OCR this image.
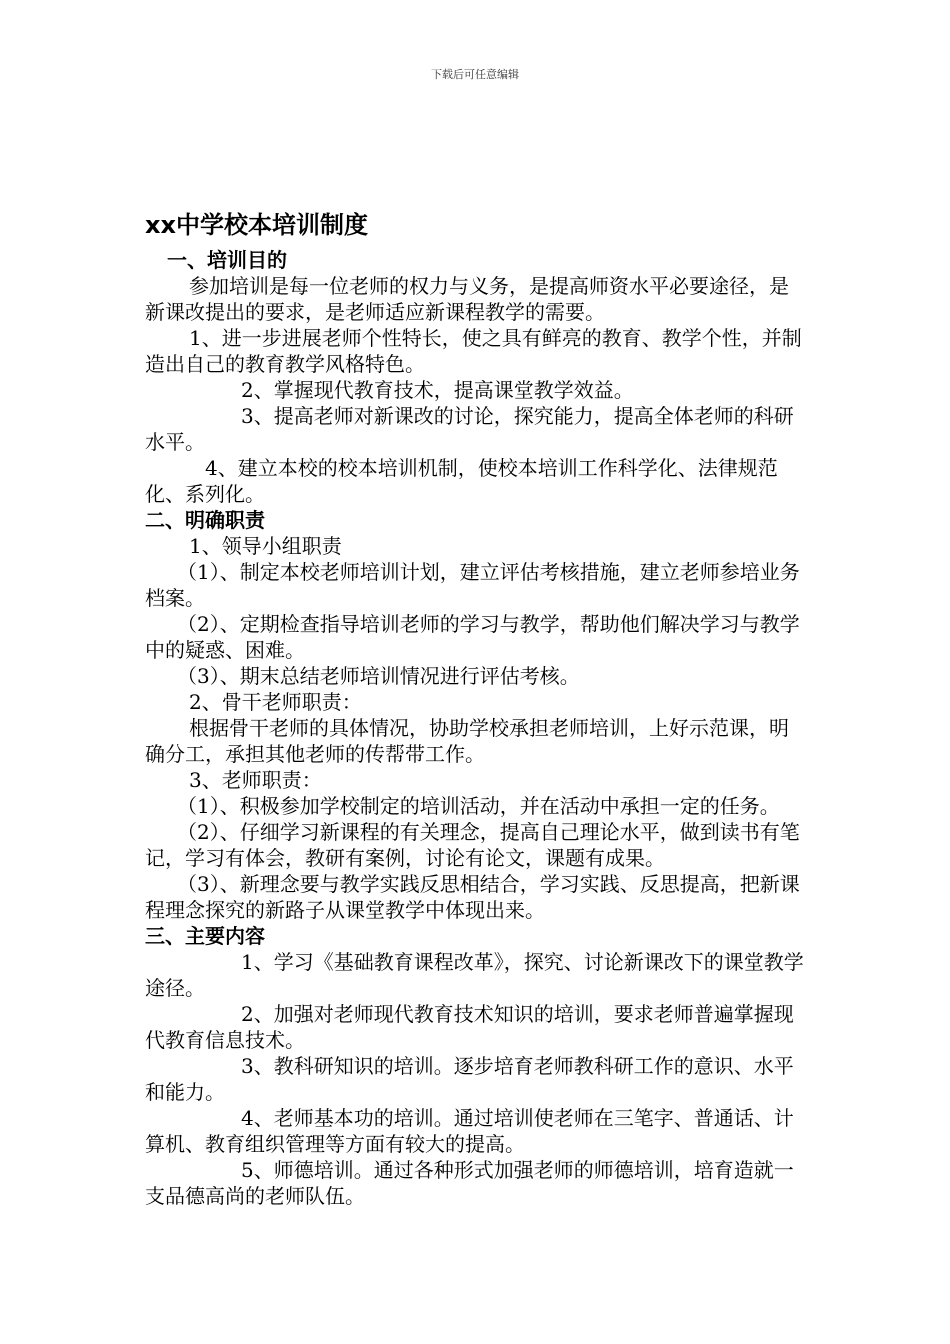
下载后可任意编辑
xx中学校本培训制度
一、培训目的

参加培训是每一位老师的权力与义务，是提高师资水平必要途径，是新课改提出的要求，是老师适应新课程教学的需要。

1、进一步进展老师个性特长，使之具有鲜亮的教育、教学个性，并制造出自己的教育教学风格特色。

2、掌握现代教育技术，提高课堂教学效益。

3、提高老师对新课改的讨论，探究能力，提高全体老师的科研水平。

4、建立本校的校本培训机制，使校本培训工作科学化、法律规范化、系列化。

二、明确职责

1、领导小组职责

（1）、制定本校老师培训计划，建立评估考核措施，建立老师参培业务档案。

（2）、定期检查指导培训老师的学习与教学，帮助他们解决学习与教学中的疑惑、困难。

（3）、期末总结老师培训情况进行评估考核。

2、骨干老师职责：

根据骨干老师的具体情况，协助学校承担老师培训，上好示范课，明确分工，承担其他老师的传帮带工作。

3、老师职责：

（1）、积极参加学校制定的培训活动，并在活动中承担一定的任务。

（2）、仔细学习新课程的有关理念，提高自己理论水平，做到读书有笔记，学习有体会，教研有案例，讨论有论文，课题有成果。

（3）、新理念要与教学实践反思相结合，学习实践、反思提高，把新课程理念探究的新路子从课堂教学中体现出来。

三、主要内容

1、学习《基础教育课程改革》，探究、讨论新课改下的课堂教学途径。

2、加强对老师现代教育技术知识的培训，要求老师普遍掌握现代教育信息技术。

3、教科研知识的培训。逐步培育老师教科研工作的意识、水平和能力。

4、老师基本功的培训。通过培训使老师在三笔字、普通话、计算机、教育组织管理等方面有较大的提高。

5、师德培训。通过各种形式加强老师的师德培训，培育造就一支品德高尚的老师队伍。
